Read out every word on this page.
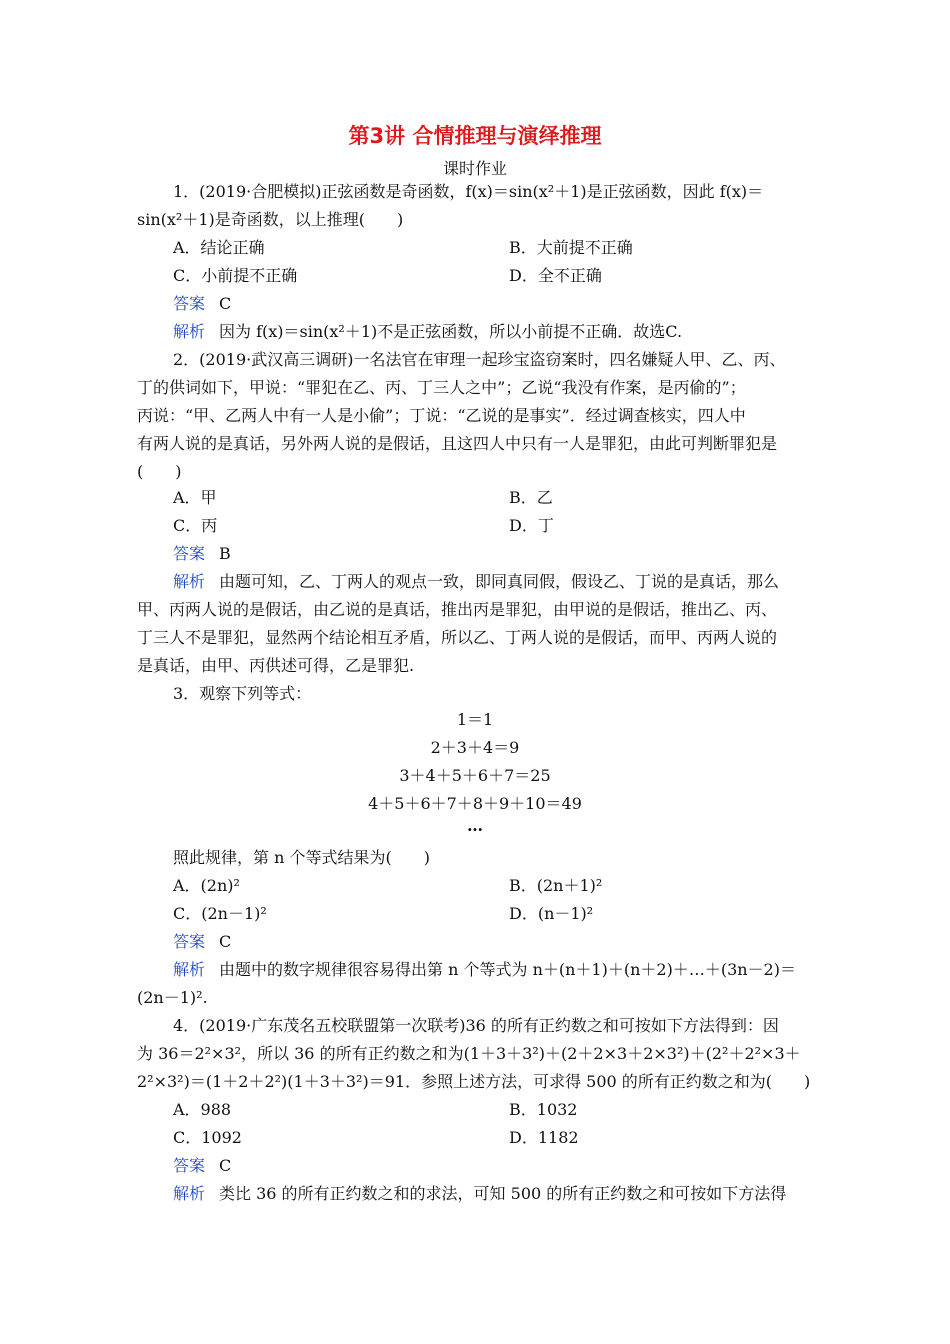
第3讲 合情推理与演绎推理
课时作业
1．(2019·合肥模拟)正弦函数是奇函数，f(x)＝sin(x²＋1)是正弦函数，因此 f(x)＝
sin(x²＋1)是奇函数，以上推理(　　)
A．结论正确	B．大前提不正确
C．小前提不正确	D．全不正确
答案 C
解析 因为 f(x)＝sin(x²＋1)不是正弦函数，所以小前提不正确．故选C.
2．(2019·武汉高三调研)一名法官在审理一起珍宝盗窃案时，四名嫌疑人甲、乙、丙、
丁的供词如下，甲说：“罪犯在乙、丙、丁三人之中”；乙说“我没有作案，是丙偷的”；
丙说：“甲、乙两人中有一人是小偷”；丁说：“乙说的是事实”．经过调查核实，四人中
有两人说的是真话，另外两人说的是假话，且这四人中只有一人是罪犯，由此可判断罪犯是
(　　)
A．甲	B．乙
C．丙	D．丁
答案 B
解析 由题可知，乙、丁两人的观点一致，即同真同假，假设乙、丁说的是真话，那么
甲、丙两人说的是假话，由乙说的是真话，推出丙是罪犯，由甲说的是假话，推出乙、丙、
丁三人不是罪犯，显然两个结论相互矛盾，所以乙、丁两人说的是假话，而甲、丙两人说的
是真话，由甲、丙供述可得，乙是罪犯.
3．观察下列等式：
1＝1
2＋3＋4＝9
3＋4＋5＋6＋7＝25
4＋5＋6＋7＋8＋9＋10＝49
…
照此规律，第 n 个等式结果为(　　)
A．(2n)²	B．(2n＋1)²
C．(2n－1)²	D．(n－1)²
答案 C
解析 由题中的数字规律很容易得出第 n 个等式为 n＋(n＋1)＋(n＋2)＋…＋(3n－2)＝
(2n－1)².
4．(2019·广东茂名五校联盟第一次联考)36 的所有正约数之和可按如下方法得到：因
为 36＝2²×3²，所以 36 的所有正约数之和为(1＋3＋3²)＋(2＋2×3＋2×3²)＋(2²＋2²×3＋
2²×3²)＝(1＋2＋2²)(1＋3＋3²)＝91．参照上述方法，可求得 500 的所有正约数之和为(　　)
A．988	B．1032
C．1092	D．1182
答案 C
解析 类比 36 的所有正约数之和的求法，可知 500 的所有正约数之和可按如下方法得
